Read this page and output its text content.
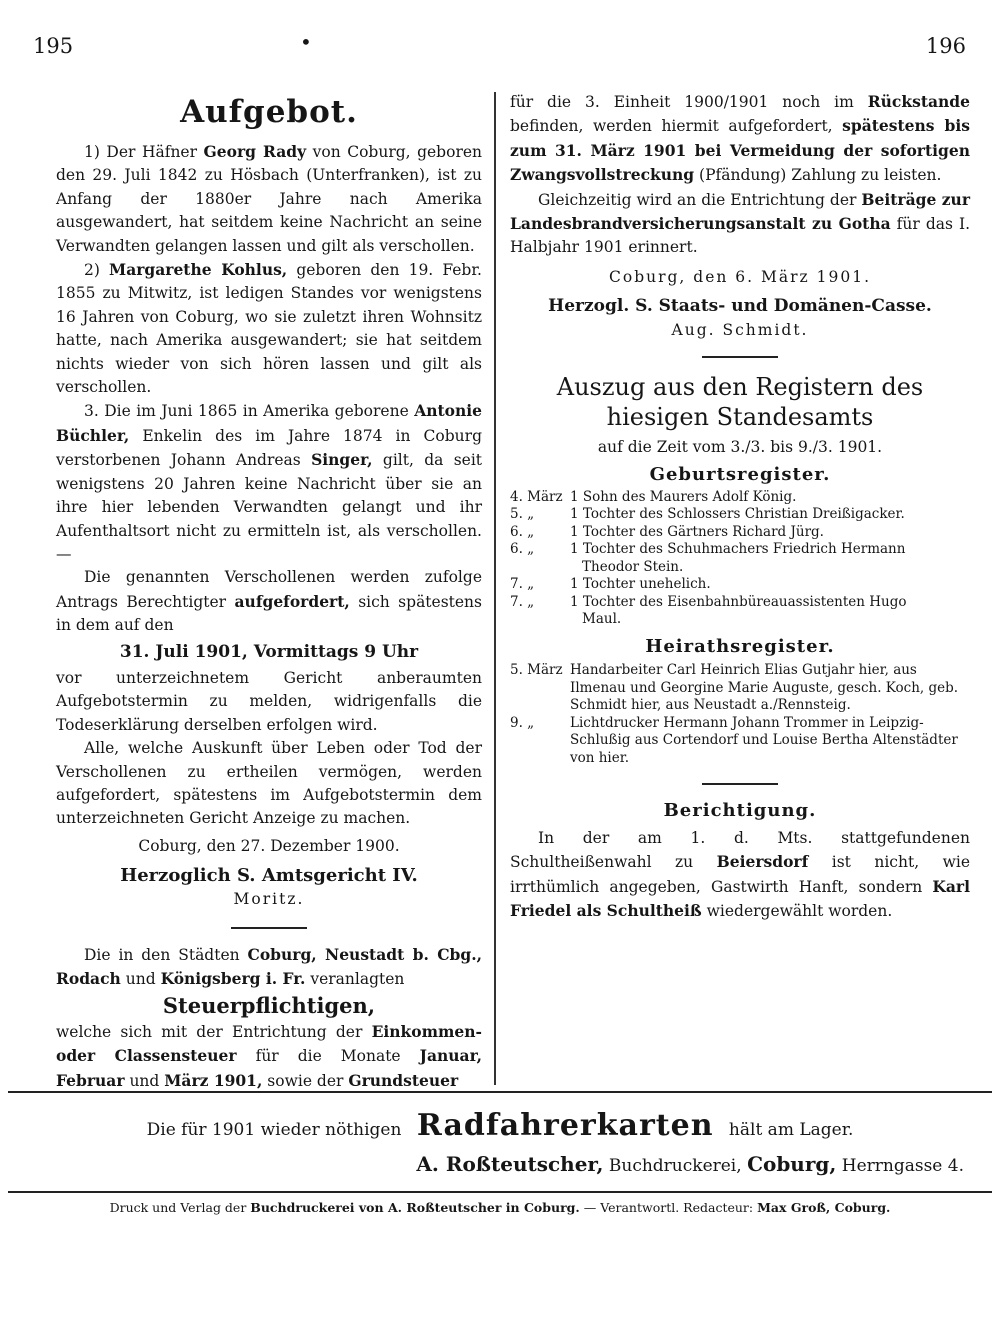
195	•	196

Aufgebot.

1) Der Häfner Georg Rady von Coburg, geboren den 29. Juli 1842 zu Hösbach (Unterfranken), ist zu Anfang der 1880er Jahre nach Amerika ausgewandert, hat seitdem keine Nachricht an seine Verwandten gelangen lassen und gilt als verschollen.

2) Margarethe Kohlus, geboren den 19. Febr. 1855 zu Mitwitz, ist ledigen Standes vor wenigstens 16 Jahren von Coburg, wo sie zuletzt ihren Wohnsitz hatte, nach Amerika ausgewandert; sie hat seitdem nichts wieder von sich hören lassen und gilt als verschollen.

3. Die im Juni 1865 in Amerika geborene Antonie Büchler, Enkelin des im Jahre 1874 in Coburg verstorbenen Johann Andreas Singer, gilt, da seit wenigstens 20 Jahren keine Nachricht über sie an ihre hier lebenden Verwandten gelangt und ihr Aufenthaltsort nicht zu ermitteln ist, als verschollen. —

Die genannten Verschollenen werden zufolge Antrags Berechtigter aufgefordert, sich spätestens in dem auf den

31. Juli 1901, Vormittags 9 Uhr

vor unterzeichnetem Gericht anberaumten Aufgebotstermin zu melden, widrigenfalls die Todeserklärung derselben erfolgen wird.

Alle, welche Auskunft über Leben oder Tod der Verschollenen zu ertheilen vermögen, werden aufgefordert, spätestens im Aufgebotstermin dem unterzeichneten Gericht Anzeige zu machen.

Coburg, den 27. Dezember 1900.

Herzoglich S. Amtsgericht IV.

Moritz.

Die in den Städten Coburg, Neustadt b. Cbg., Rodach und Königsberg i. Fr. veranlagten

Steuerpflichtigen,

welche sich mit der Entrichtung der Einkommen- oder Classensteuer für die Monate Januar, Februar und März 1901, sowie der Grundsteuer

für die 3. Einheit 1900/1901 noch im Rückstande befinden, werden hiermit aufgefordert, spätestens bis zum 31. März 1901 bei Vermeidung der sofortigen Zwangsvollstreckung (Pfändung) Zahlung zu leisten.

Gleichzeitig wird an die Entrichtung der Beiträge zur Landesbrandversicherungsanstalt zu Gotha für das I. Halbjahr 1901 erinnert.

Coburg, den 6. März 1901.

Herzogl. S. Staats- und Domänen-Casse.

Aug. Schmidt.

Auszug aus den Registern des hiesigen Standesamts

auf die Zeit vom 3./3. bis 9./3. 1901.

Geburtsregister.

4. März 1 Sohn des Maurers Adolf König.
5. „	1 Tochter des Schlossers Christian Dreißigacker.
6. „	1 Tochter des Gärtners Richard Jürg.
6. „	1 Tochter des Schuhmachers Friedrich Hermann
Theodor Stein.
7. „	1 Tochter unehelich.
7. „	1 Tochter des Eisenbahnbüreauassistenten Hugo
Maul.

Heirathsregister.

5. März Handarbeiter Carl Heinrich Elias Gutjahr hier, aus Ilmenau und Georgine Marie Auguste, gesch. Koch, geb. Schmidt hier, aus Neustadt a./Rennsteig.
9. „	Lichtdrucker Hermann Johann Trommer in Leipzig-Schlußig aus Cortendorf und Louise Bertha Altenstädter von hier.

Berichtigung.

In der am 1. d. Mts. stattgefundenen Schultheißenwahl zu Beiersdorf ist nicht, wie irrthümlich angegeben, Gastwirth Hanft, sondern Karl Friedel als Schultheiß wiedergewählt worden.

Die für 1901 wieder nöthigen Radfahrerkarten hält am Lager.
A. Roßteutscher, Buchdruckerei, Coburg, Herrngasse 4.
Druck und Verlag der Buchdruckerei von A. Roßteutscher in Coburg. — Verantwortl. Redacteur: Max Groß, Coburg.
